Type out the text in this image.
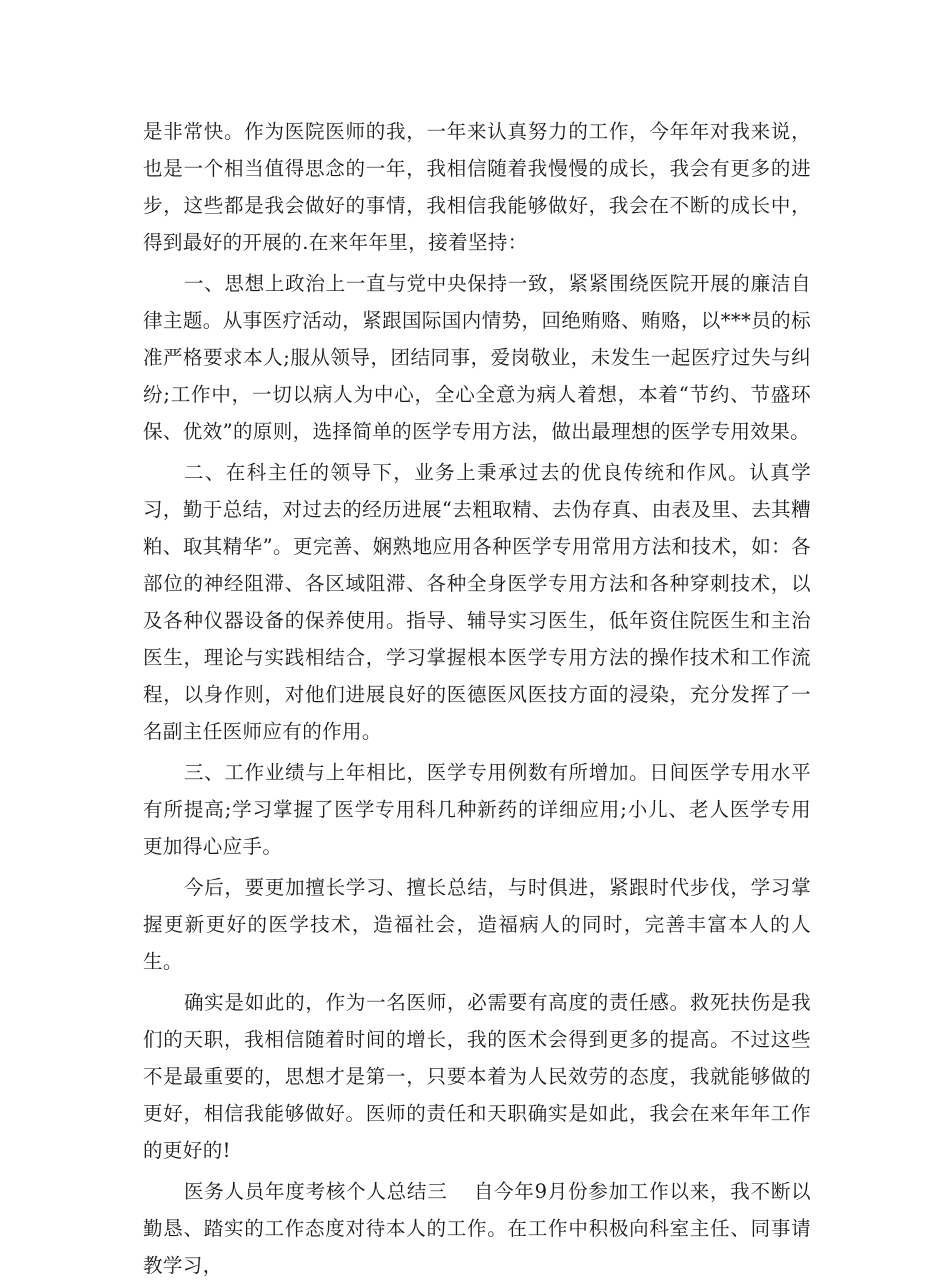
是非常快。作为医院医师的我，一年来认真努力的工作，今年年对我来说，也是一个相当值得思念的一年，我相信随着我慢慢的成长，我会有更多的进步，这些都是我会做好的事情，我相信我能够做好，我会在不断的成长中，得到最好的开展的.在来年年里，接着坚持：

一、思想上政治上一直与党中央保持一致，紧紧围绕医院开展的廉洁自律主题。从事医疗活动，紧跟国际国内情势，回绝贿赂、贿赂，以***员的标准严格要求本人;服从领导，团结同事，爱岗敬业，未发生一起医疗过失与纠纷;工作中，一切以病人为中心，全心全意为病人着想，本着“节约、节盛环保、优效”的原则，选择简单的医学专用方法，做出最理想的医学专用效果。

二、在科主任的领导下，业务上秉承过去的优良传统和作风。认真学习，勤于总结，对过去的经历进展“去粗取精、去伪存真、由表及里、去其糟粕、取其精华”。更完善、娴熟地应用各种医学专用常用方法和技术，如：各部位的神经阻滞、各区域阻滞、各种全身医学专用方法和各种穿刺技术，以及各种仪器设备的保养使用。指导、辅导实习医生，低年资住院医生和主治医生，理论与实践相结合，学习掌握根本医学专用方法的操作技术和工作流程，以身作则，对他们进展良好的医德医风医技方面的浸染，充分发挥了一名副主任医师应有的作用。

三、工作业绩与上年相比，医学专用例数有所增加。日间医学专用水平有所提高;学习掌握了医学专用科几种新药的详细应用;小儿、老人医学专用更加得心应手。

今后，要更加擅长学习、擅长总结，与时俱进，紧跟时代步伐，学习掌握更新更好的医学技术，造福社会，造福病人的同时，完善丰富本人的人生。

确实是如此的，作为一名医师，必需要有高度的责任感。救死扶伤是我们的天职，我相信随着时间的增长，我的医术会得到更多的提高。不过这些不是最重要的，思想才是第一，只要本着为人民效劳的态度，我就能够做的更好，相信我能够做好。医师的责任和天职确实是如此，我会在来年年工作的更好的!

医务人员年度考核个人总结三 自今年9月份参加工作以来，我不断以勤恳、踏实的工作态度对待本人的工作。在工作中积极向科室主任、同事请教学习，
